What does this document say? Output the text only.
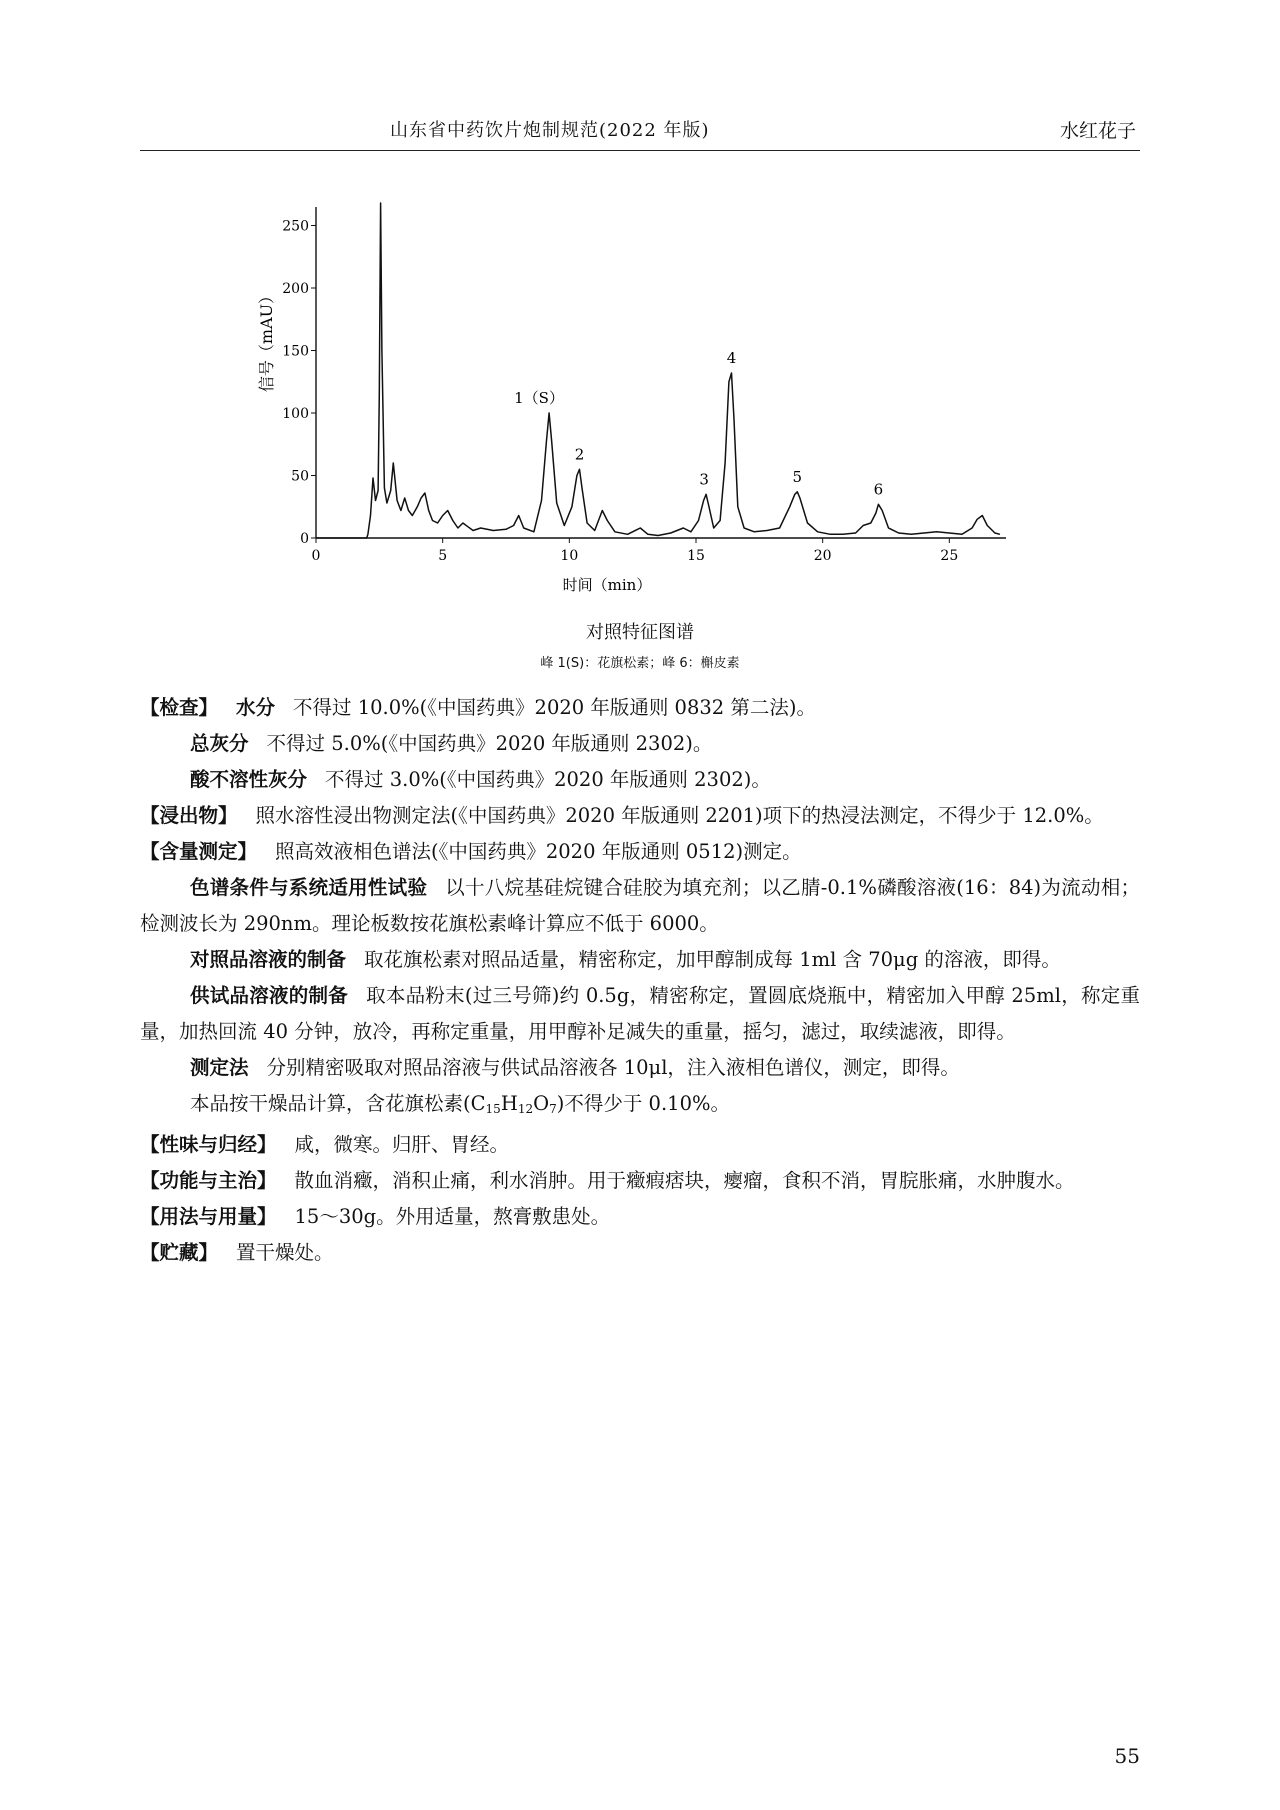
山东省中药饮片炮制规范(2022 年版)	水红花子
信号（mAU）
时间（min）
0
50
100
150
200
250
0	5	10	15	20	25
1（S）
2
3
4
5
6
对照特征图谱
峰 1(S)：花旗松素；峰 6：槲皮素

【检查】 水分 不得过 10.0%(《中国药典》2020 年版通则 0832 第二法)。

总灰分 不得过 5.0%(《中国药典》2020 年版通则 2302)。

酸不溶性灰分 不得过 3.0%(《中国药典》2020 年版通则 2302)。

【浸出物】 照水溶性浸出物测定法(《中国药典》2020 年版通则 2201)项下的热浸法测定，不得少于 12.0%。

【含量测定】 照高效液相色谱法(《中国药典》2020 年版通则 0512)测定。

色谱条件与系统适用性试验 以十八烷基硅烷键合硅胶为填充剂；以乙腈-0.1%磷酸溶液(16：84)为流动相；检测波长为 290nm。理论板数按花旗松素峰计算应不低于 6000。

对照品溶液的制备 取花旗松素对照品适量，精密称定，加甲醇制成每 1ml 含 70μg 的溶液，即得。

供试品溶液的制备 取本品粉末(过三号筛)约 0.5g，精密称定，置圆底烧瓶中，精密加入甲醇 25ml，称定重量，加热回流 40 分钟，放冷，再称定重量，用甲醇补足减失的重量，摇匀，滤过，取续滤液，即得。

测定法 分别精密吸取对照品溶液与供试品溶液各 10μl，注入液相色谱仪，测定，即得。

本品按干燥品计算，含花旗松素$(C_{15}H_{12}O_7)$不得少于 0.10%。

【性味与归经】 咸，微寒。归肝、胃经。

【功能与主治】 散血消癥，消积止痛，利水消肿。用于癥瘕痞块，瘿瘤，食积不消，胃脘胀痛，水肿腹水。

【用法与用量】 15～30g。外用适量，熬膏敷患处。

【贮藏】 置干燥处。

55
